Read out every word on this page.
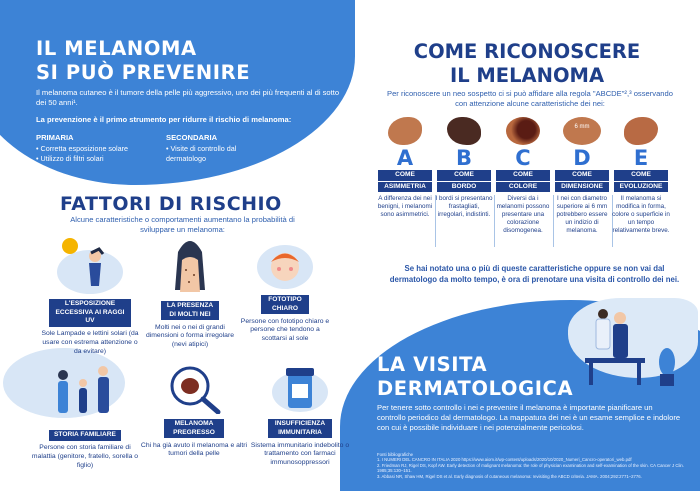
IL MELANOMA
SI PUÒ PREVENIRE
Il melanoma cutaneo è il tumore della pelle più aggressivo, uno dei più frequenti al di sotto dei 50 anni¹.
La prevenzione è il primo strumento per ridurre il rischio di melanoma:
PRIMARIA
• Corretta esposizione solare
• Utilizzo di filtri solari
SECONDARIA
• Visite di controllo dal dermatologo
FATTORI DI RISCHIO
Alcune caratteristiche o comportamenti aumentano la probabilità di sviluppare un melanoma:
L'ESPOSIZIONE ECCESSIVA AI RAGGI UV
Sole Lampade e lettini solari (da usare con estrema attenzione o da evitare)
LA PRESENZA DI MOLTI NEI
Molti nei o nei di grandi dimensioni o forma irregolare (nevi atipici)
FOTOTIPO CHIARO
Persone con fototipo chiaro e persone che tendono a scottarsi al sole
STORIA FAMILIARE
Persone con storia familiare di malattia (genitore, fratello, sorella o figlio)
MELANOMA PREGRESSO
Chi ha già avuto il melanoma e altri tumori della pelle
INSUFFICIENZA IMMUNITARIA
Sistema immunitario indebolito o trattamento con farmaci immunosoppressori
COME RICONOSCERE
IL MELANOMA
Per riconoscere un neo sospetto ci si può affidare alla regola "ABCDE"²,³ osservando con attenzione alcune caratteristiche dei nei:
A
COME
ASIMMETRIA
A differenza dei nei benigni, i melanomi sono asimmetrici.
B
COME
BORDO
I bordi si presentano frastagliati, irregolari, indistinti.
C
COME
COLORE
Diversi da i melanomi possono presentare una colorazione disomogenea.
6 mm
D
COME
DIMENSIONE
I nei con diametro superiore ai 6 mm potrebbero essere un indizio di melanoma.
E
COME
EVOLUZIONE
Il melanoma si modifica in forma, colore o superficie in un tempo relativamente breve.
Se hai notato una o più di queste caratteristiche oppure se non vai dal dermatologo da molto tempo, è ora di prenotare una visita di controllo dei nei.
LA VISITA
DERMATOLOGICA
Per tenere sotto controllo i nei e prevenire il melanoma è importante pianificare un controllo periodico dal dermatologo. La mappatura dei nei è un esame semplice e indolore con cui è possibile individuare i nei potenzialmente pericolosi.
Fonti bibliografiche
1. I NUMERI DEL CANCRO IN ITALIA 2020 https://www.aiom.it/wp-content/uploads/2020/10/2020_Numeri_Cancro-operatori_web.pdf
2. Friedman RJ, Rigel DS, Kopf AW. Early detection of malignant melanoma: the role of physician examination and self-examination of the skin. CA Cancer J Clin. 1985;35:130–151.
3. Abbasi NR, Shaw HM, Rigel DS et al. Early diagnosis of cutaneous melanoma: revisiting the ABCD criteria. JAMA. 2004;292:2771–2776.
